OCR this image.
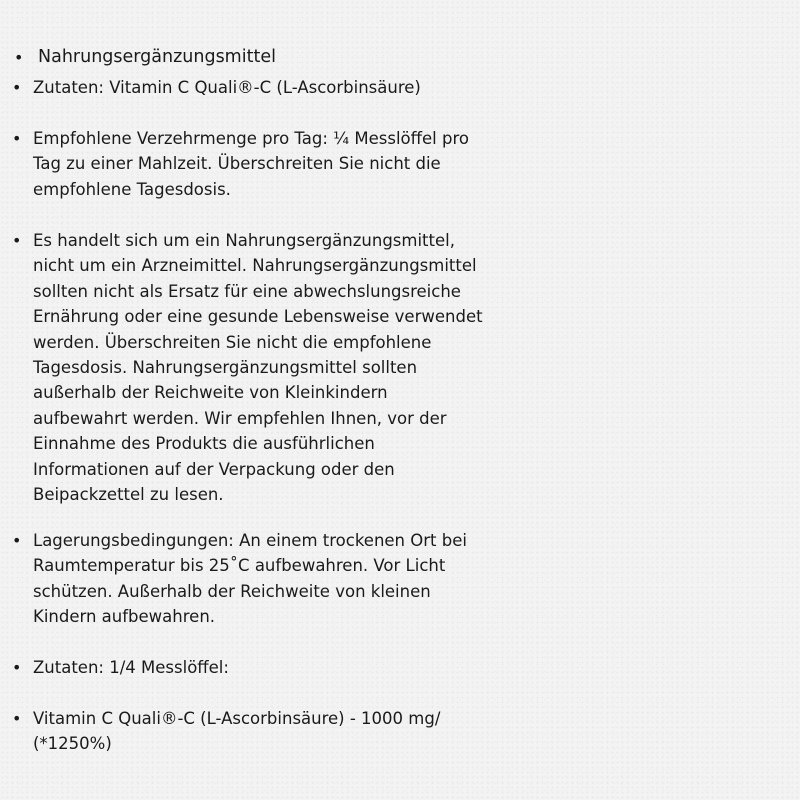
• Nahrungsergänzungsmittel
• Zutaten: Vitamin C Quali®-C (L-Ascorbinsäure)
• Empfohlene Verzehrmenge pro Tag: ¼ Messlöffel pro
Tag zu einer Mahlzeit. Überschreiten Sie nicht die
empfohlene Tagesdosis.
• Es handelt sich um ein Nahrungsergänzungsmittel,
nicht um ein Arzneimittel. Nahrungsergänzungsmittel
sollten nicht als Ersatz für eine abwechslungsreiche
Ernährung oder eine gesunde Lebensweise verwendet
werden. Überschreiten Sie nicht die empfohlene
Tagesdosis. Nahrungsergänzungsmittel sollten
außerhalb der Reichweite von Kleinkindern
aufbewahrt werden. Wir empfehlen Ihnen, vor der
Einnahme des Produkts die ausführlichen
Informationen auf der Verpackung oder den
Beipackzettel zu lesen.
• Lagerungsbedingungen: An einem trockenen Ort bei
Raumtemperatur bis 25˚C aufbewahren. Vor Licht
schützen. Außerhalb der Reichweite von kleinen
Kindern aufbewahren.
• Zutaten: 1/4 Messlöffel:
• Vitamin C Quali®-C (L-Ascorbinsäure) - 1000 mg/
(*1250%)
